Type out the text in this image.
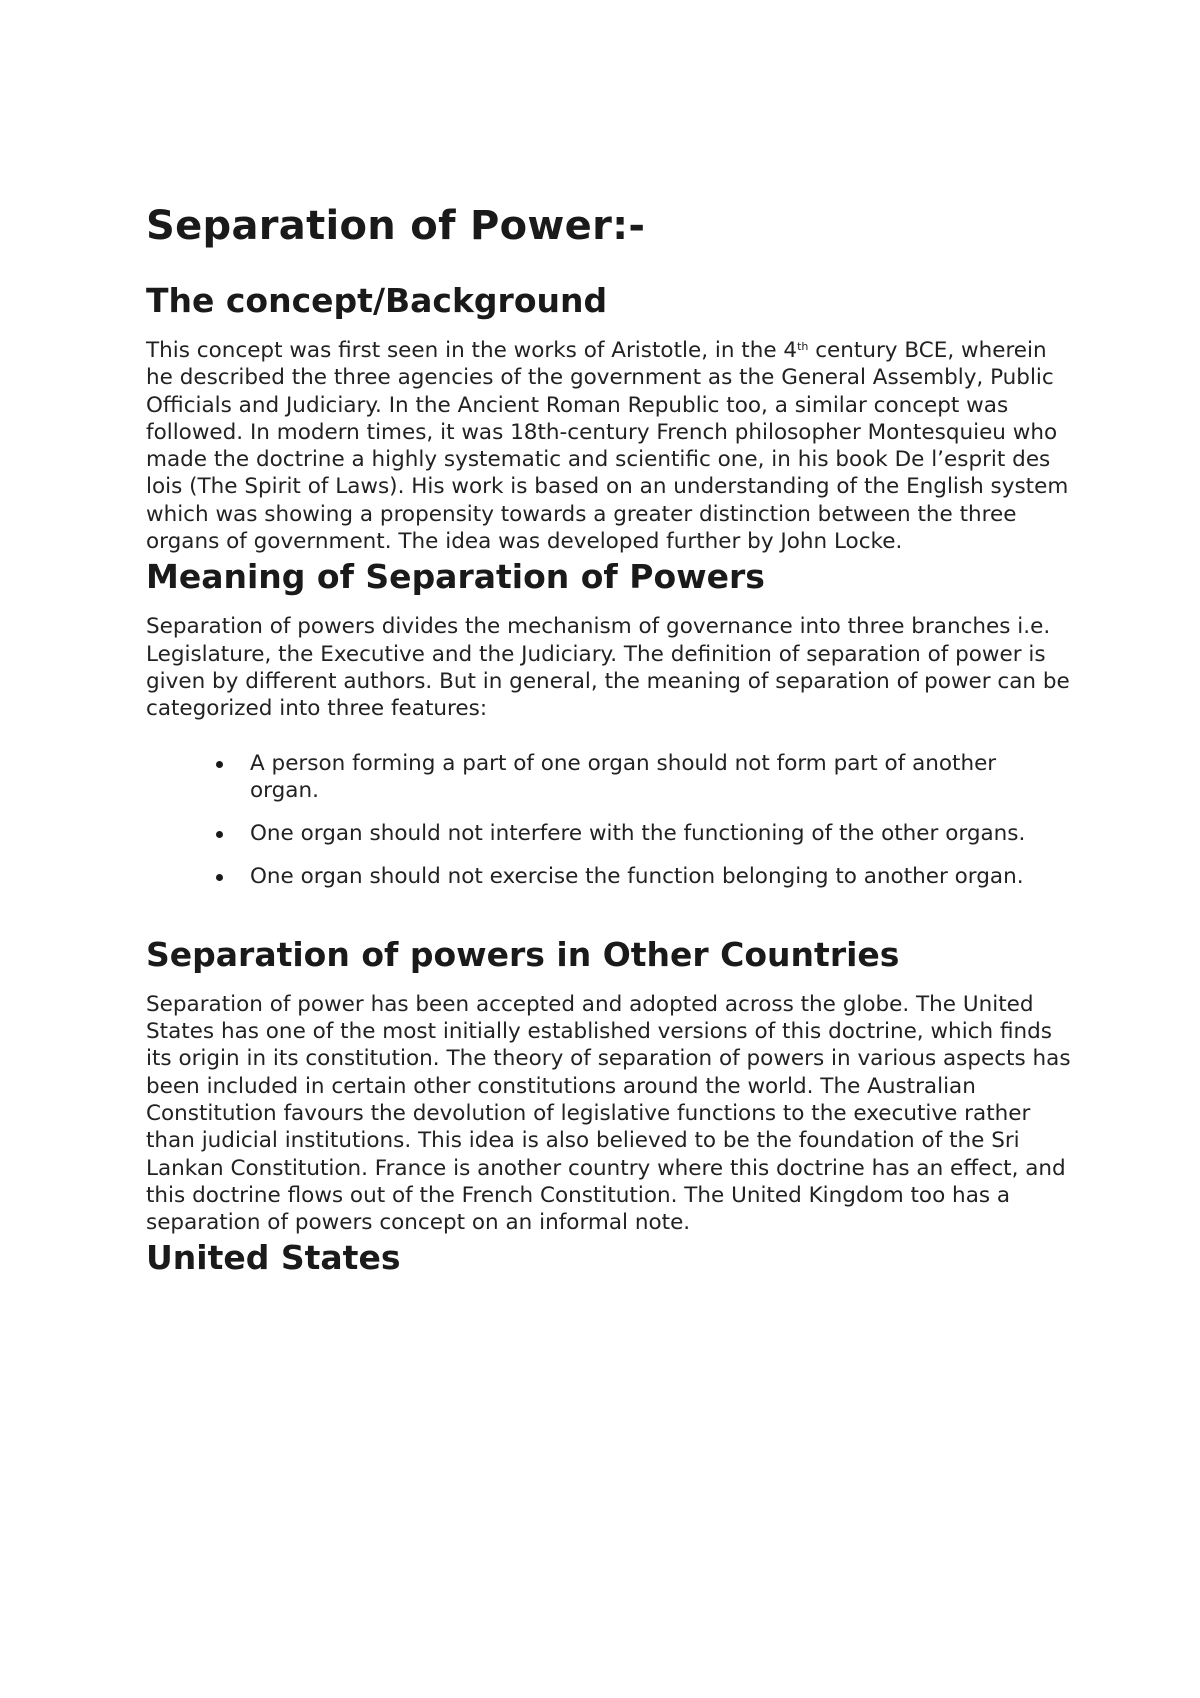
Separation of Power:-
The concept/Background

This concept was first seen in the works of Aristotle, in the 4th century BCE, wherein he described the three agencies of the government as the General Assembly, Public Officials and Judiciary. In the Ancient Roman Republic too, a similar concept was followed. In modern times, it was 18th-century French philosopher Montesquieu who made the doctrine a highly systematic and scientific one, in his book De l’esprit des lois (The Spirit of Laws). His work is based on an understanding of the English system which was showing a propensity towards a greater distinction between the three organs of government. The idea was developed further by John Locke.

Meaning of Separation of Powers

Separation of powers divides the mechanism of governance into three branches i.e. Legislature, the Executive and the Judiciary. The definition of separation of power is given by different authors. But in general, the meaning of separation of power can be categorized into three features:

A person forming a part of one organ should not form part of another organ.
One organ should not interfere with the functioning of the other organs.
One organ should not exercise the function belonging to another organ.
Separation of powers in Other Countries

Separation of power has been accepted and adopted across the globe. The United States has one of the most initially established versions of this doctrine, which finds its origin in its constitution. The theory of separation of powers in various aspects has been included in certain other constitutions around the world. The Australian Constitution favours the devolution of legislative functions to the executive rather than judicial institutions. This idea is also believed to be the foundation of the Sri Lankan Constitution. France is another country where this doctrine has an effect, and this doctrine flows out of the French Constitution. The United Kingdom too has a separation of powers concept on an informal note.

United States
